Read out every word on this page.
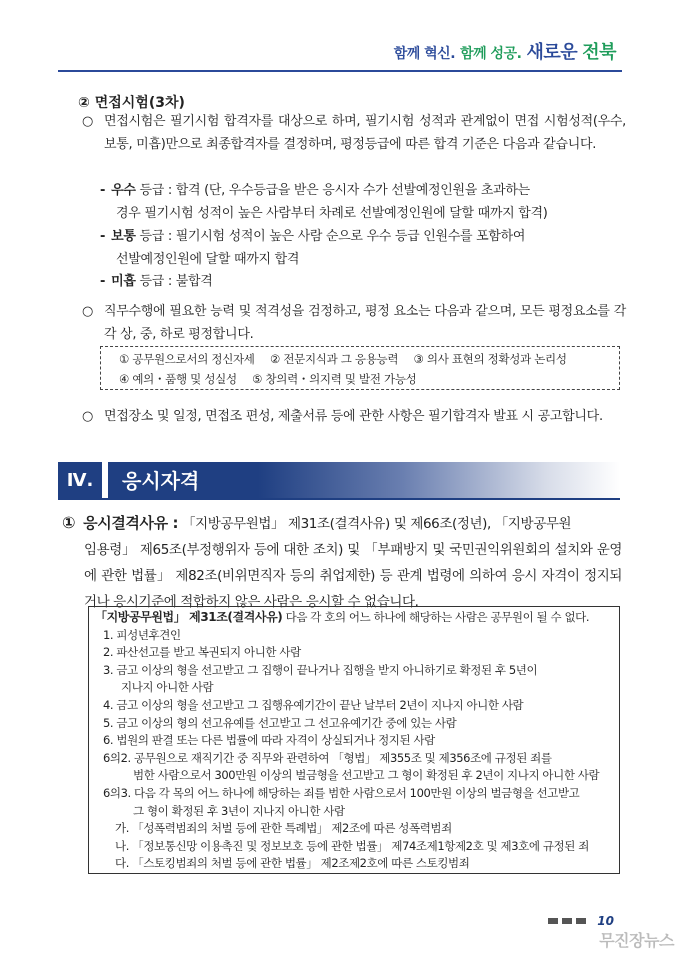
함께 혁신. 함께 성공. 새로운 전북
② 면접시험(3차)
○ 면접시험은 필기시험 합격자를 대상으로 하며, 필기시험 성적과 관계없이 면접 시험성적(우수, 보통, 미흡)만으로 최종합격자를 결정하며, 평정등급에 따른 합격 기준은 다음과 같습니다.
- 우수 등급 : 합격 (단, 우수등급을 받은 응시자 수가 선발예정인원을 초과하는
경우 필기시험 성적이 높은 사람부터 차례로 선발예정인원에 달할 때까지 합격)
- 보통 등급 : 필기시험 성적이 높은 사람 순으로 우수 등급 인원수를 포함하여
선발예정인원에 달할 때까지 합격
- 미흡 등급 : 불합격
○ 직무수행에 필요한 능력 및 적격성을 검정하고, 평정 요소는 다음과 같으며, 모든 평정요소를 각각 상, 중, 하로 평정합니다.
① 공무원으로서의 정신자세 ② 전문지식과 그 응용능력 ③ 의사 표현의 정확성과 논리성
④ 예의・품행 및 성실성 ⑤ 창의력・의지력 및 발전 가능성
○ 면접장소 및 일정, 면접조 편성, 제출서류 등에 관한 사항은 필기합격자 발표 시 공고합니다.
Ⅳ.	응시자격
① 응시결격사유 : 「지방공무원법」 제31조(결격사유) 및 제66조(정년), 「지방공무원
임용령」 제65조(부정행위자 등에 대한 조치) 및 「부패방지 및 국민권익위원회의 설치와 운영에 관한 법률」 제82조(비위면직자 등의 취업제한) 등 관계 법령에 의하여 응시 자격이 정지되거나 응시기준에 적합하지 않은 사람은 응시할 수 없습니다.
「지방공무원법」 제31조(결격사유) 다음 각 호의 어느 하나에 해당하는 사람은 공무원이 될 수 없다.
1. 피성년후견인
2. 파산선고를 받고 복권되지 아니한 사람
3. 금고 이상의 형을 선고받고 그 집행이 끝나거나 집행을 받지 아니하기로 확정된 후 5년이
지나지 아니한 사람
4. 금고 이상의 형을 선고받고 그 집행유예기간이 끝난 날부터 2년이 지나지 아니한 사람
5. 금고 이상의 형의 선고유예를 선고받고 그 선고유예기간 중에 있는 사람
6. 법원의 판결 또는 다른 법률에 따라 자격이 상실되거나 정지된 사람
6의2. 공무원으로 재직기간 중 직무와 관련하여 「형법」 제355조 및 제356조에 규정된 죄를
범한 사람으로서 300만원 이상의 벌금형을 선고받고 그 형이 확정된 후 2년이 지나지 아니한 사람
6의3. 다음 각 목의 어느 하나에 해당하는 죄를 범한 사람으로서 100만원 이상의 벌금형을 선고받고
그 형이 확정된 후 3년이 지나지 아니한 사람
가. 「성폭력범죄의 처벌 등에 관한 특례법」 제2조에 따른 성폭력범죄
나. 「정보통신망 이용촉진 및 정보보호 등에 관한 법률」 제74조제1항제2호 및 제3호에 규정된 죄
다. 「스토킹범죄의 처벌 등에 관한 법률」 제2조제2호에 따른 스토킹범죄
10
무진장뉴스
